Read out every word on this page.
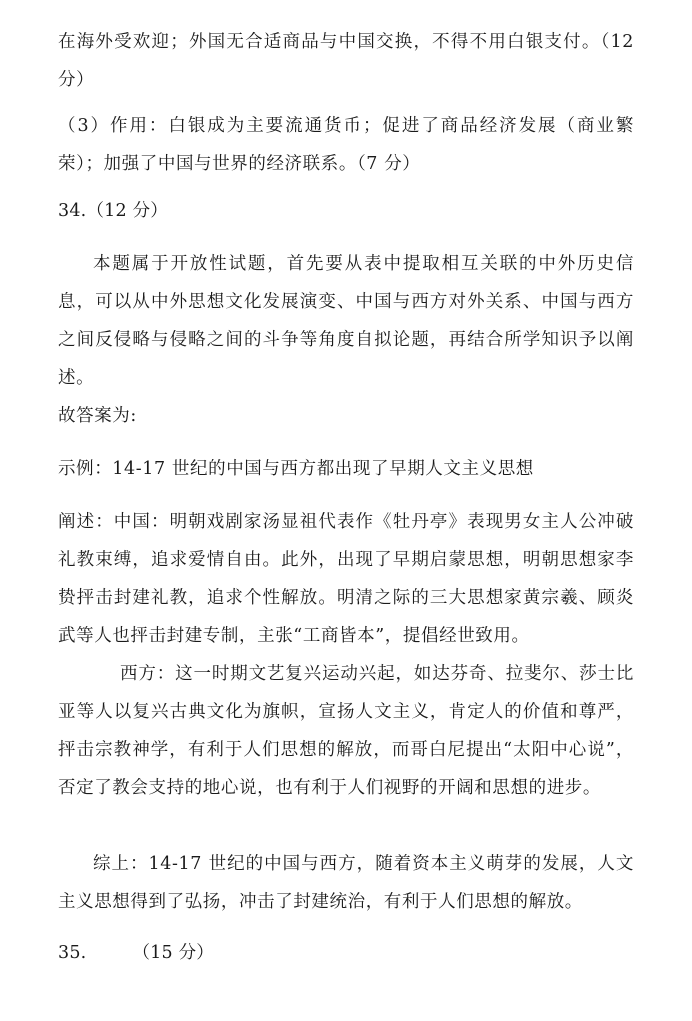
在海外受欢迎；外国无合适商品与中国交换，不得不用白银支付。（12分）

（3）作用：白银成为主要流通货币；促进了商品经济发展（商业繁荣）；加强了中国与世界的经济联系。（7 分）

34.（12 分）

本题属于开放性试题，首先要从表中提取相互关联的中外历史信息，可以从中外思想文化发展演变、中国与西方对外关系、中国与西方之间反侵略与侵略之间的斗争等角度自拟论题，再结合所学知识予以阐述。

故答案为:

示例：14-17 世纪的中国与西方都出现了早期人文主义思想

阐述：中国：明朝戏剧家汤显祖代表作《牡丹亭》表现男女主人公冲破礼教束缚，追求爱情自由。此外，出现了早期启蒙思想，明朝思想家李贽抨击封建礼教，追求个性解放。明清之际的三大思想家黄宗羲、顾炎武等人也抨击封建专制，主张“工商皆本”，提倡经世致用。

西方：这一时期文艺复兴运动兴起，如达芬奇、拉斐尔、莎士比亚等人以复兴古典文化为旗帜，宣扬人文主义，肯定人的价值和尊严，抨击宗教神学，有利于人们思想的解放，而哥白尼提出“太阳中心说”，否定了教会支持的地心说，也有利于人们视野的开阔和思想的进步。

综上：14-17 世纪的中国与西方，随着资本主义萌芽的发展，人文主义思想得到了弘扬，冲击了封建统治，有利于人们思想的解放。

35.	（15 分）
